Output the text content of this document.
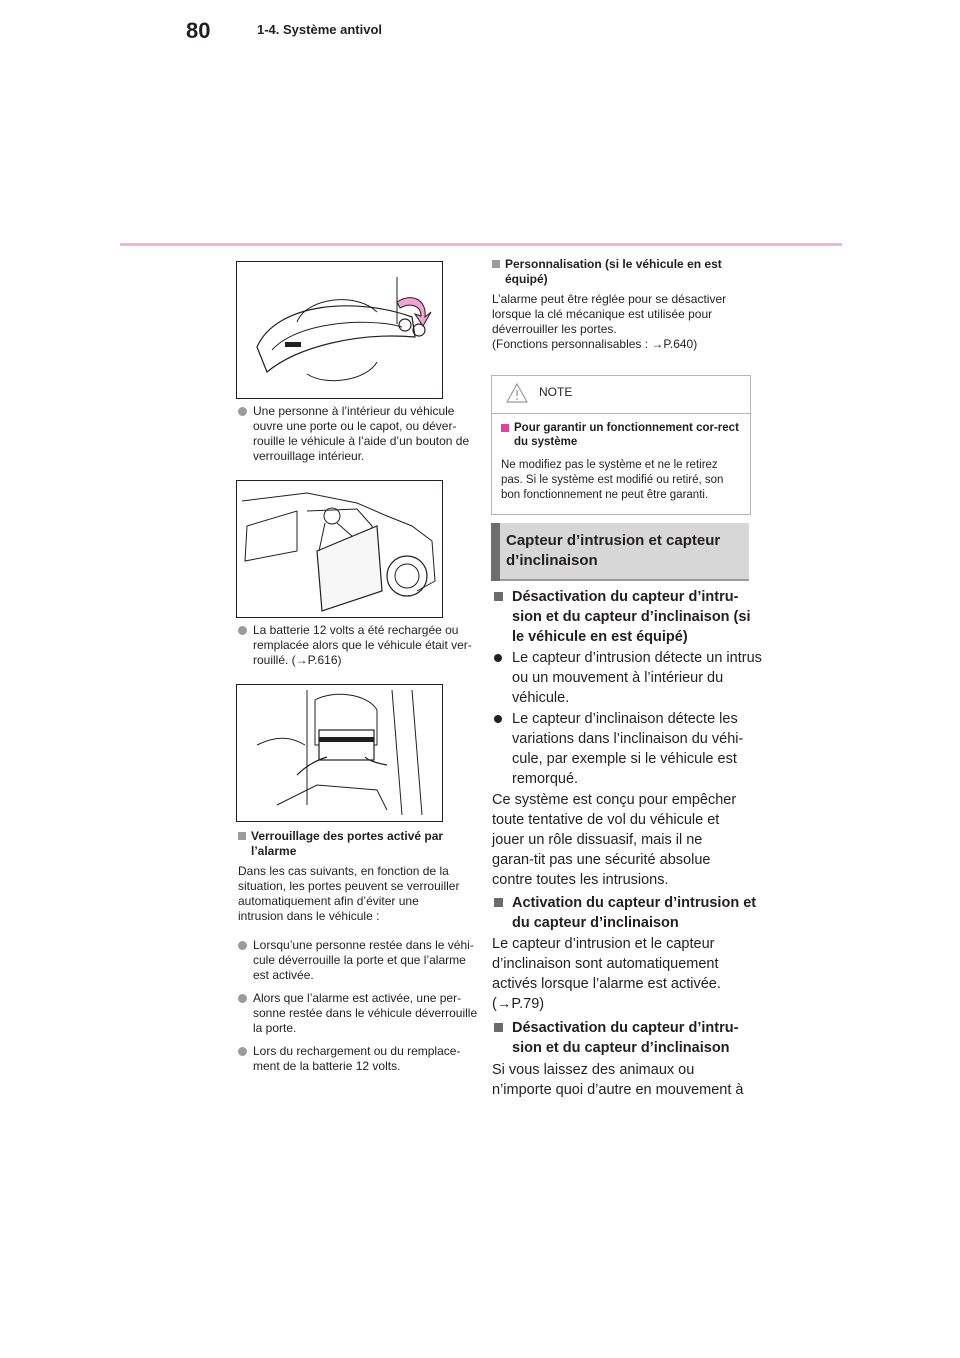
80	1-4. Système antivol
Une personne à l’intérieur du véhicule ouvre une porte ou le capot, ou déver-rouille le véhicule à l’aide d’un bouton de verrouillage intérieur.
La batterie 12 volts a été rechargée ou remplacée alors que le véhicule était ver-rouillé. (→P.616)
Verrouillage des portes activé par l’alarme
Dans les cas suivants, en fonction de la situation, les portes peuvent se verrouiller automatiquement afin d’éviter une intrusion dans le véhicule :
Lorsqu’une personne restée dans le véhi-cule déverrouille la porte et que l’alarme est activée.
Alors que l’alarme est activée, une per-sonne restée dans le véhicule déverrouille la porte.
Lors du rechargement ou du remplace-ment de la batterie 12 volts.
Personnalisation (si le véhicule en est équipé)
L’alarme peut être réglée pour se désactiver lorsque la clé mécanique est utilisée pour déverrouiller les portes.
(Fonctions personnalisables : →P.640)
NOTE
Pour garantir un fonctionnement cor-rect du système
Ne modifiez pas le système et ne le retirez pas. Si le système est modifié ou retiré, son bon fonctionnement ne peut être garanti.
Capteur d’intrusion et capteur d’inclinaison
Désactivation du capteur d’intru-sion et du capteur d’inclinaison (si le véhicule en est équipé)
Le capteur d’intrusion détecte un intrus ou un mouvement à l’intérieur du véhicule.
Le capteur d’inclinaison détecte les variations dans l’inclinaison du véhi-cule, par exemple si le véhicule est remorqué.
Ce système est conçu pour empêcher toute tentative de vol du véhicule et jouer un rôle dissuasif, mais il ne garan-tit pas une sécurité absolue contre toutes les intrusions.
Activation du capteur d’intrusion et du capteur d’inclinaison
Le capteur d’intrusion et le capteur d’inclinaison sont automatiquement activés lorsque l’alarme est activée. (→P.79)
Désactivation du capteur d’intru-sion et du capteur d’inclinaison
Si vous laissez des animaux ou n’importe quoi d’autre en mouvement à
